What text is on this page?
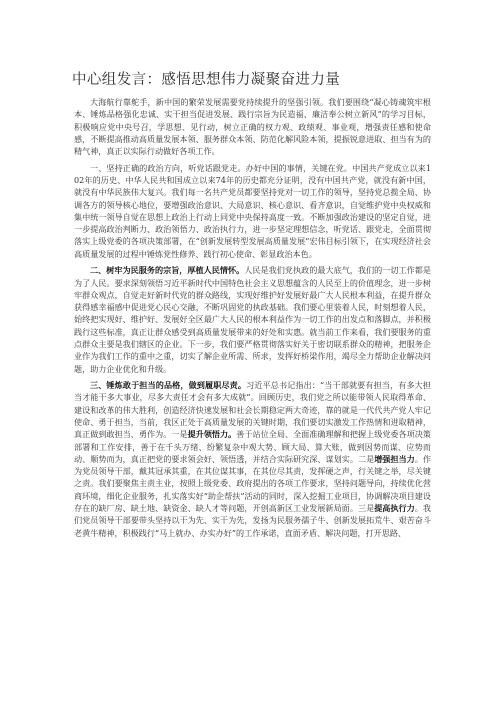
中心组发言：感悟思想伟力凝聚奋进力量

大海航行靠舵手，新中国的繁荣发展需要党持续提升的坚强引领。我们要围绕“凝心铸魂筑牢根本、锤炼品格强化忠诚、实干担当促进发展、践行宗旨为民造福、廉洁奉公树立新风”的学习目标，积极响应党中央号召，学思想、见行动，树立正确的权力观、政绩观、事业观，增强责任感和使命感，不断提高推动高质量发展本领、服务群众本领、防范化解风险本领，提振锐意进取、担当有为的精气神，真正以实际行动做好各项工作。

一、坚持正确的政治方向，听党话跟党走。办好中国的事情，关键在党。中国共产党成立以来102年的历史、中华人民共和国成立以来74年的历史都充分证明，没有中国共产党，就没有新中国，就没有中华民族伟大复兴。我们每一名共产党员都要坚持党对一切工作的领导，坚持党总揽全局、协调各方的领导核心地位，要增强政治意识、大局意识、核心意识、看齐意识，自觉维护党中央权威和集中统一领导自觉在思想上政治上行动上同党中央保持高度一致。不断加强政治建设的坚定自觉，进一步提高政治判断力、政治领悟力、政治执行力，进一步坚定理想信念，听党话、跟党走，全面贯彻落实上级党委的各项决策部署，在“创新发展转型发展高质量发展”宏伟目标引领下，在实现经济社会高质量发展的过程中锤炼党性修养、践行初心使命、彰显政治本色。

二、树牢为民服务的宗旨，厚植人民情怀。人民是我们党执政的最大底气，我们的一切工作都是为了人民。要求深刻领悟习近平新时代中国特色社会主义思想蕴含的人民至上的价值理念，进一步树牢群众观点，自觉走好新时代党的群众路线，实现好维护好发展好最广大人民根本利益，在提升群众获得感幸福感中促进党心民心交融，不断巩固党的执政基础。我们要心里装着人民，时刻想着人民，始终把实现好、维护好、发展好全区最广大人民的根本利益作为一切工作的出发点和落脚点，并积极践行这些标准，真正让群众感受到高质量发展带来的好处和实惠。就当前工作来看，我们要服务的重点群众主要是我们辖区的企业。下一步，我们要严格贯彻落实好关于密切联系群众的精神，把服务企业作为我们工作的重中之重，切实了解企业所需、所求，发挥好桥梁作用，竭尽全力帮助企业解决问题，助力企业优化和升级。

三、锤炼敢于担当的品格，做到履职尽责。习近平总书记指出：“当干部就要有担当，有多大担当才能干多大事业，尽多大责任才会有多大成就”。回顾历史，我们党之所以能带领人民取得革命、建设和改革的伟大胜利，创造经济快速发展和社会长期稳定两大奇迹，靠的就是一代代共产党人牢记使命、勇于担当，当前，我区正处于高质量发展的关键时期，我们要切实激发工作热情和进取精神，真正做到敢担当、勇作为。一是提升领悟力。善于站位全局、全面准确理解和把握上级党委各项决策部署和工作安排，善于在千头万绪、纷繁复杂中观大势、顾大局、算大账，做到因势而谋、应势而动、顺势而为，真正把党的要求领会好、领悟透，并结合实际研究深、谋划实。二是增强担当力。作为党员领导干部，戴其冠承其重，在其位谋其事，在其位尽其责，发挥硬之声，行关键之举，尽关键之责。我们要聚焦主责主业，按照上级党委、政府提出的各项工作要求，坚持问题导向，持续优化营商环境，细化企业服务，扎实落实好“助企帮扶”活动的同时，深入挖掘工业项目，协调解决项目建设存在的缺厂房、缺土地、缺资金、缺人才等问题，开创高新区工业发展新局面。三是提高执行力。我们党员领导干部要带头坚持以干为先、实干为先，发扬为民服务孺子牛、创新发展拓荒牛、艰苦奋斗老黄牛精神，积极践行“马上就办、办实办好”的工作承诺，直面矛盾、解决问题，打开思路、
